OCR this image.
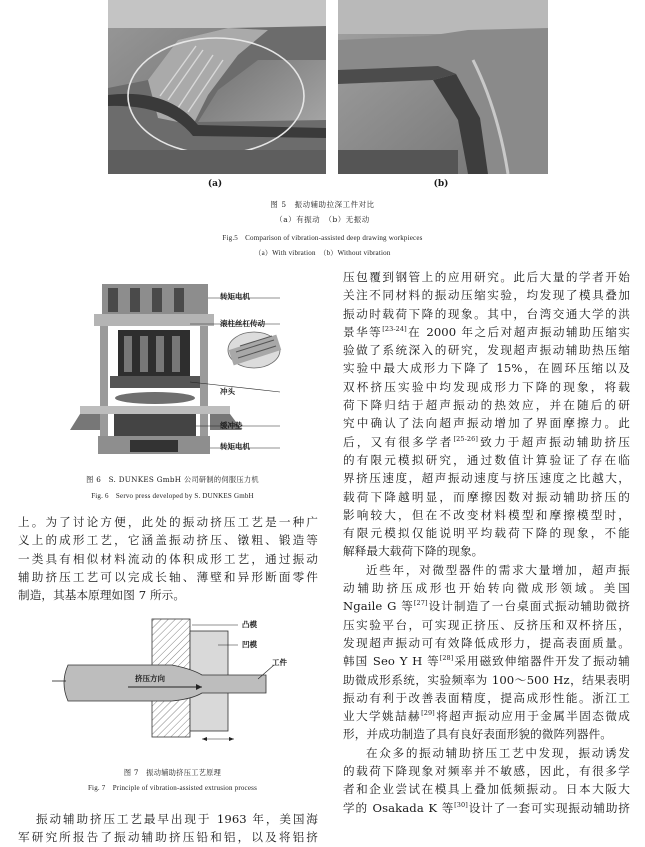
(a)	(b)
图 5　振动辅助拉深工件对比
（a）有振动　（b）无振动
Fig.5　Comparison of vibration-assisted deep drawing workpieces
（a）With vibration　（b）Without vibration
转矩电机
滚柱丝杠传动
冲头
缓冲垫
转矩电机
图 6　S. DUNKES GmbH 公司研制的伺服压力机
Fig. 6　Servo press developed by S. DUNKES GmbH
上。为了讨论方便，此处的振动挤压工艺是一种广
义上的成形工艺，它涵盖振动挤压、镦粗、锻造等
一类具有相似材料流动的体积成形工艺，通过振动
辅助挤压工艺可以完成长轴、薄壁和异形断面零件
制造，其基本原理如图 7 所示。
凸模
凹模
工件
挤压方向
图 7　振动辅助挤压工艺原理
Fig. 7　Principle of vibration-assisted extrusion process
振动辅助挤压工艺最早出现于 1963 年，美国海
军研究所报告了振动辅助挤压铅和铝，以及将铝挤
压包覆到钢管上的应用研究。此后大量的学者开始
关注不同材料的振动压缩实验，均发现了模具叠加
振动时载荷下降的现象。其中，台湾交通大学的洪
景华等[23-24]在 2000 年之后对超声振动辅助压缩实
验做了系统深入的研究，发现超声振动辅助热压缩
实验中最大成形力下降了 15%，在圆环压缩以及
双杯挤压实验中均发现成形力下降的现象，将载
荷下降归结于超声振动的热效应，并在随后的研
究中确认了法向超声振动增加了界面摩擦力。此
后，又有很多学者[25-26]致力于超声振动辅助挤压
的有限元模拟研究，通过数值计算验证了存在临
界挤压速度，超声振动速度与挤压速度之比越大，
载荷下降越明显，而摩擦因数对振动辅助挤压的
影响较大，但在不改变材料模型和摩擦模型时，
有限元模拟仅能说明平均载荷下降的现象，不能
解释最大载荷下降的现象。
近些年，对微型器件的需求大量增加，超声振
动辅助挤压成形也开始转向微成形领域。美国
Ngaile G 等[27]设计制造了一台桌面式振动辅助微挤
压实验平台，可实现正挤压、反挤压和双杯挤压，
发现超声振动可有效降低成形力，提高表面质量。
韩国 Seo Y H 等[28]采用磁致伸缩器件开发了振动辅
助微成形系统，实验频率为 100～500 Hz，结果表明
振动有利于改善表面精度，提高成形性能。浙江工
业大学姚喆赫[29]将超声振动应用于金属半固态微成
形，并成功制造了具有良好表面形貌的微阵列器件。
在众多的振动辅助挤压工艺中发现，振动诱发
的载荷下降现象对频率并不敏感，因此，有很多学
者和企业尝试在模具上叠加低频振动。日本大阪大
学的 Osakada K 等[30]设计了一套可实现振动辅助挤
